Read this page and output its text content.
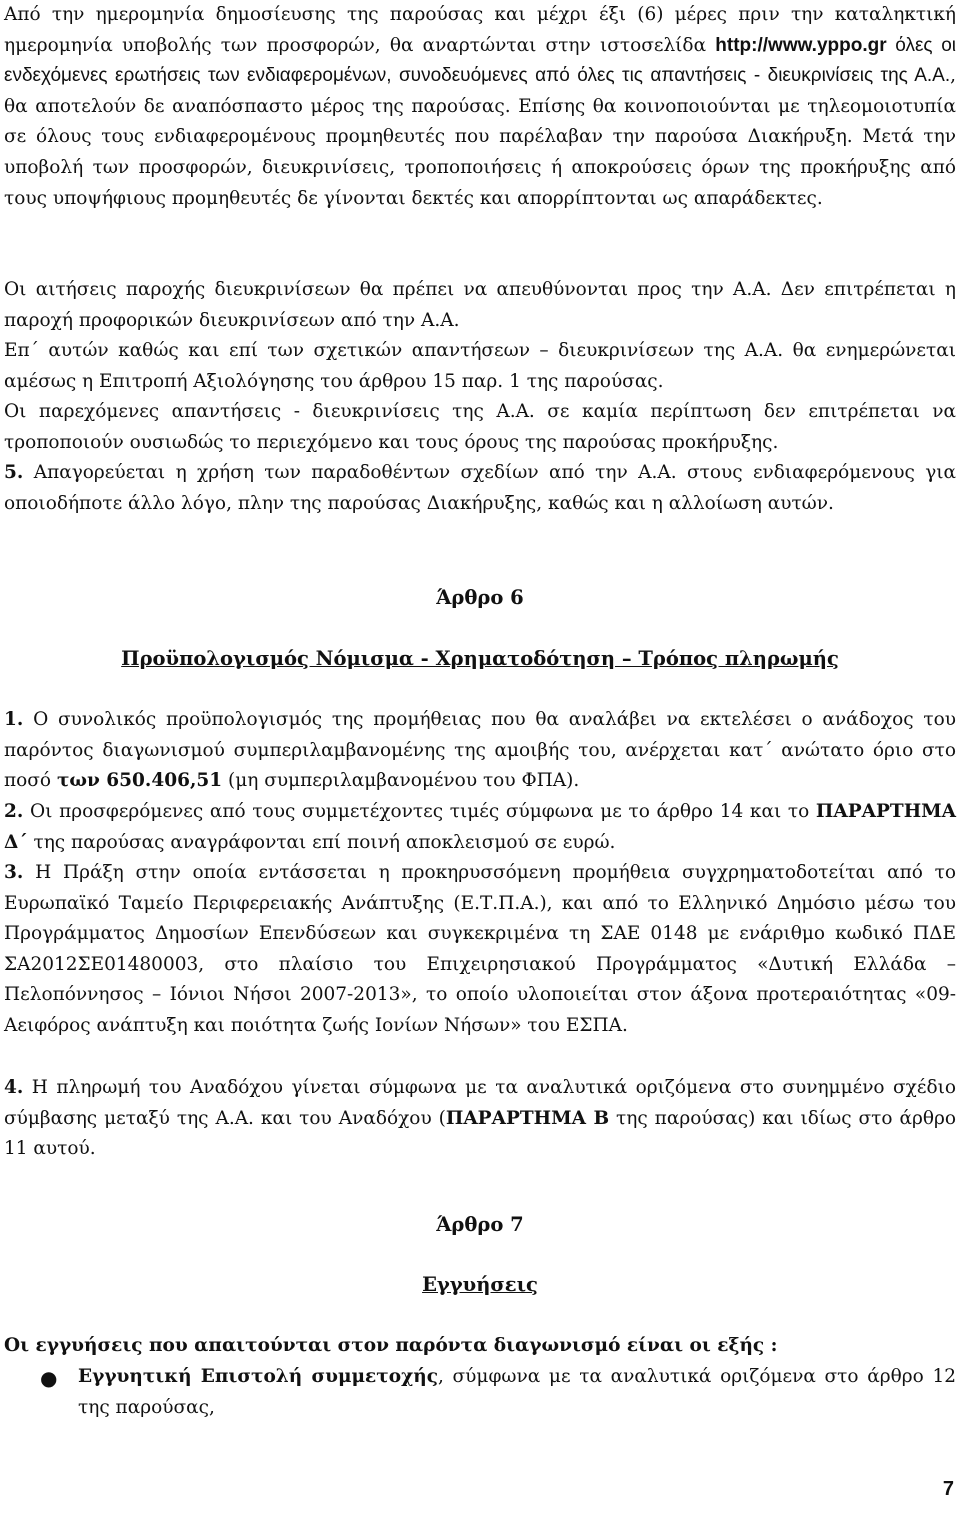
Από την ημερομηνία δημοσίευσης της παρούσας και μέχρι έξι (6) μέρες πριν την καταληκτική ημερομηνία υποβολής των προσφορών, θα αναρτώνται στην ιστοσελίδα http://www.yppo.gr όλες οι ενδεχόμενες ερωτήσεις των ενδιαφερομένων, συνοδευόμενες από όλες τις απαντήσεις - διευκρινίσεις της Α.Α., θα αποτελούν δε αναπόσπαστο μέρος της παρούσας. Επίσης θα κοινοποιούνται με τηλεομοιοτυπία σε όλους τους ενδιαφερομένους προμηθευτές που παρέλαβαν την παρούσα Διακήρυξη. Μετά την υποβολή των προσφορών, διευκρινίσεις, τροποποιήσεις ή αποκρούσεις όρων της προκήρυξης από τους υποψήφιους προμηθευτές δε γίνονται δεκτές και απορρίπτονται ως απαράδεκτες.

Οι αιτήσεις παροχής διευκρινίσεων θα πρέπει να απευθύνονται προς την Α.Α. Δεν επιτρέπεται η παροχή προφορικών διευκρινίσεων από την Α.Α.

Επ΄ αυτών καθώς και επί των σχετικών απαντήσεων – διευκρινίσεων της Α.Α. θα ενημερώνεται αμέσως η Επιτροπή Αξιολόγησης του άρθρου 15 παρ. 1 της παρούσας.

Οι παρεχόμενες απαντήσεις - διευκρινίσεις της Α.Α. σε καμία περίπτωση δεν επιτρέπεται να τροποποιούν ουσιωδώς το περιεχόμενο και τους όρους της παρούσας προκήρυξης.

5. Απαγορεύεται η χρήση των παραδοθέντων σχεδίων από την Α.Α. στους ενδιαφερόμενους για οποιοδήποτε άλλο λόγο, πλην της παρούσας Διακήρυξης, καθώς και η αλλοίωση αυτών.

Άρθρο 6

Προϋπολογισμός Νόμισμα - Χρηματοδότηση – Τρόπος πληρωμής

1. Ο συνολικός προϋπολογισμός της προμήθειας που θα αναλάβει να εκτελέσει ο ανάδοχος του παρόντος διαγωνισμού συμπεριλαμβανομένης της αμοιβής του, ανέρχεται κατ΄ ανώτατο όριο στο ποσό των 650.406,51 (μη συμπεριλαμβανομένου του ΦΠΑ).

2. Οι προσφερόμενες από τους συμμετέχοντες τιμές σύμφωνα με το άρθρο 14 και το ΠΑΡΑΡΤΗΜΑ Δ΄ της παρούσας αναγράφονται επί ποινή αποκλεισμού σε ευρώ.

3. Η Πράξη στην οποία εντάσσεται η προκηρυσσόμενη προμήθεια συγχρηματοδοτείται από το Ευρωπαϊκό Ταμείο Περιφερειακής Ανάπτυξης (Ε.Τ.Π.Α.), και από το Ελληνικό Δημόσιο μέσω του Προγράμματος Δημοσίων Επενδύσεων και συγκεκριμένα τη ΣΑΕ 0148 με ενάριθμο κωδικό ΠΔΕ ΣΑ2012ΣΕ01480003, στο πλαίσιο του Επιχειρησιακού Προγράμματος «Δυτική Ελλάδα – Πελοπόννησος – Ιόνιοι Νήσοι 2007-2013», το οποίο υλοποιείται στον άξονα προτεραιότητας «09- Αειφόρος ανάπτυξη και ποιότητα ζωής Ιονίων Νήσων» του ΕΣΠΑ.

4. Η πληρωμή του Αναδόχου γίνεται σύμφωνα με τα αναλυτικά οριζόμενα στο συνημμένο σχέδιο σύμβασης μεταξύ της Α.Α. και του Αναδόχου (ΠΑΡΑΡΤΗΜΑ Β της παρούσας) και ιδίως στο άρθρο 11 αυτού.

Άρθρο 7

Εγγυήσεις

Οι εγγυήσεις που απαιτούνται στον παρόντα διαγωνισμό είναι οι εξής :

● Εγγυητική Επιστολή συμμετοχής, σύμφωνα με τα αναλυτικά οριζόμενα στο άρθρο 12 της παρούσας,
7
